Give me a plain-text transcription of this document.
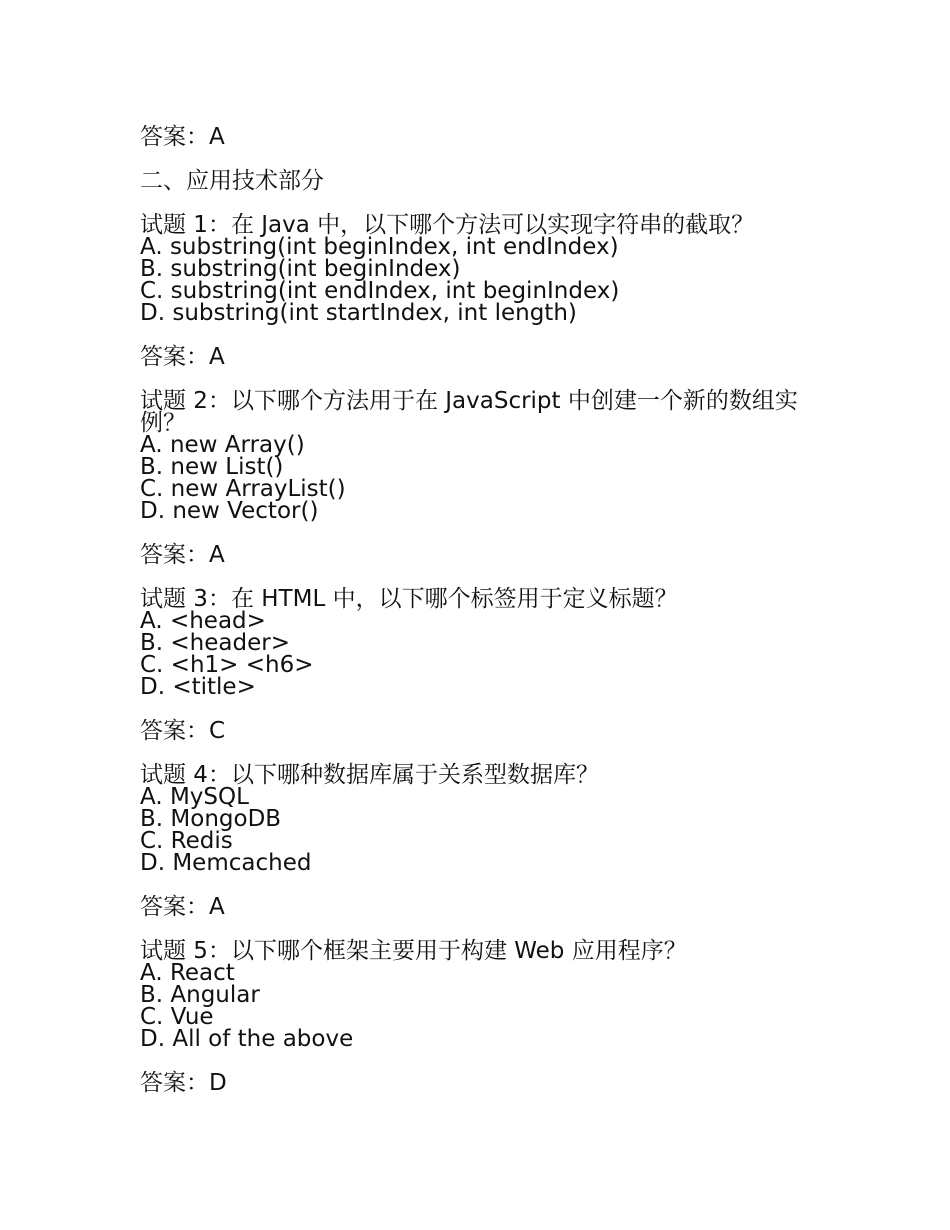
答案：A

二、应用技术部分

试题 1：在 Java 中，以下哪个方法可以实现字符串的截取？

A. substring(int beginIndex, int endIndex)

B. substring(int beginIndex)

C. substring(int endIndex, int beginIndex)

D. substring(int startIndex, int length)

答案：A

试题 2：以下哪个方法用于在 JavaScript 中创建一个新的数组实例？

A. new Array()

B. new List()

C. new ArrayList()

D. new Vector()

答案：A

试题 3：在 HTML 中，以下哪个标签用于定义标题？

A. <head>

B. <header>

C. <h1> <h6>

D. <title>

答案：C

试题 4：以下哪种数据库属于关系型数据库？

A. MySQL

B. MongoDB

C. Redis

D. Memcached

答案：A

试题 5：以下哪个框架主要用于构建 Web 应用程序？

A. React

B. Angular

C. Vue

D. All of the above

答案：D
